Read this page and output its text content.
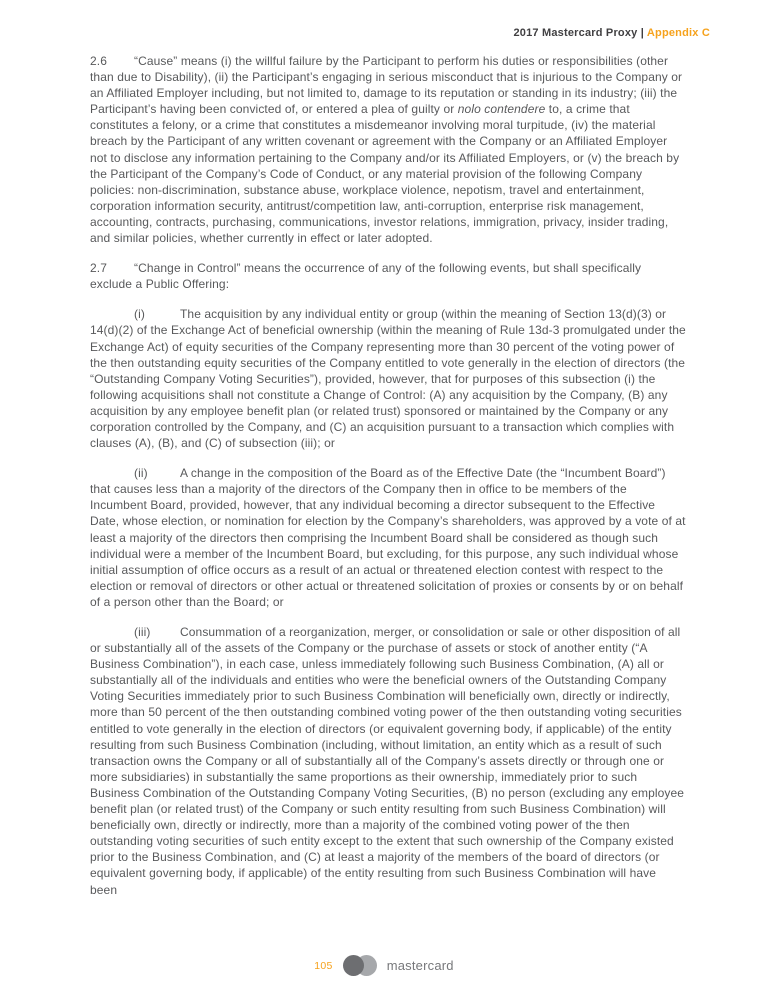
2017 Mastercard Proxy | Appendix C

2.6 “Cause” means (i) the willful failure by the Participant to perform his duties or responsibilities (other than due to Disability), (ii) the Participant’s engaging in serious misconduct that is injurious to the Company or an Affiliated Employer including, but not limited to, damage to its reputation or standing in its industry; (iii) the Participant’s having been convicted of, or entered a plea of guilty or nolo contendere to, a crime that constitutes a felony, or a crime that constitutes a misdemeanor involving moral turpitude, (iv) the material breach by the Participant of any written covenant or agreement with the Company or an Affiliated Employer not to disclose any information pertaining to the Company and/or its Affiliated Employers, or (v) the breach by the Participant of the Company’s Code of Conduct, or any material provision of the following Company policies: non-discrimination, substance abuse, workplace violence, nepotism, travel and entertainment, corporation information security, antitrust/competition law, anti-corruption, enterprise risk management, accounting, contracts, purchasing, communications, investor relations, immigration, privacy, insider trading, and similar policies, whether currently in effect or later adopted.

2.7 “Change in Control” means the occurrence of any of the following events, but shall specifically exclude a Public Offering:

(i)	The acquisition by any individual entity or group (within the meaning of Section 13(d)(3) or 14(d)(2) of the Exchange Act of beneficial ownership (within the meaning of Rule 13d-3 promulgated under the Exchange Act) of equity securities of the Company representing more than 30 percent of the voting power of the then outstanding equity securities of the Company entitled to vote generally in the election of directors (the “Outstanding Company Voting Securities”), provided, however, that for purposes of this subsection (i) the following acquisitions shall not constitute a Change of Control: (A) any acquisition by the Company, (B) any acquisition by any employee benefit plan (or related trust) sponsored or maintained by the Company or any corporation controlled by the Company, and (C) an acquisition pursuant to a transaction which complies with clauses (A), (B), and (C) of subsection (iii); or

(ii)	A change in the composition of the Board as of the Effective Date (the “Incumbent Board”) that causes less than a majority of the directors of the Company then in office to be members of the Incumbent Board, provided, however, that any individual becoming a director subsequent to the Effective Date, whose election, or nomination for election by the Company’s shareholders, was approved by a vote of at least a majority of the directors then comprising the Incumbent Board shall be considered as though such individual were a member of the Incumbent Board, but excluding, for this purpose, any such individual whose initial assumption of office occurs as a result of an actual or threatened election contest with respect to the election or removal of directors or other actual or threatened solicitation of proxies or consents by or on behalf of a person other than the Board; or

(iii) Consummation of a reorganization, merger, or consolidation or sale or other disposition of all or substantially all of the assets of the Company or the purchase of assets or stock of another entity (“A Business Combination”), in each case, unless immediately following such Business Combination, (A) all or substantially all of the individuals and entities who were the beneficial owners of the Outstanding Company Voting Securities immediately prior to such Business Combination will beneficially own, directly or indirectly, more than 50 percent of the then outstanding combined voting power of the then outstanding voting securities entitled to vote generally in the election of directors (or equivalent governing body, if applicable) of the entity resulting from such Business Combination (including, without limitation, an entity which as a result of such transaction owns the Company or all of substantially all of the Company’s assets directly or through one or more subsidiaries) in substantially the same proportions as their ownership, immediately prior to such Business Combination of the Outstanding Company Voting Securities, (B) no person (excluding any employee benefit plan (or related trust) of the Company or such entity resulting from such Business Combination) will beneficially own, directly or indirectly, more than a majority of the combined voting power of the then outstanding voting securities of such entity except to the extent that such ownership of the Company existed prior to the Business Combination, and (C) at least a majority of the members of the board of directors (or equivalent governing body, if applicable) of the entity resulting from such Business Combination will have been

105	mastercard
